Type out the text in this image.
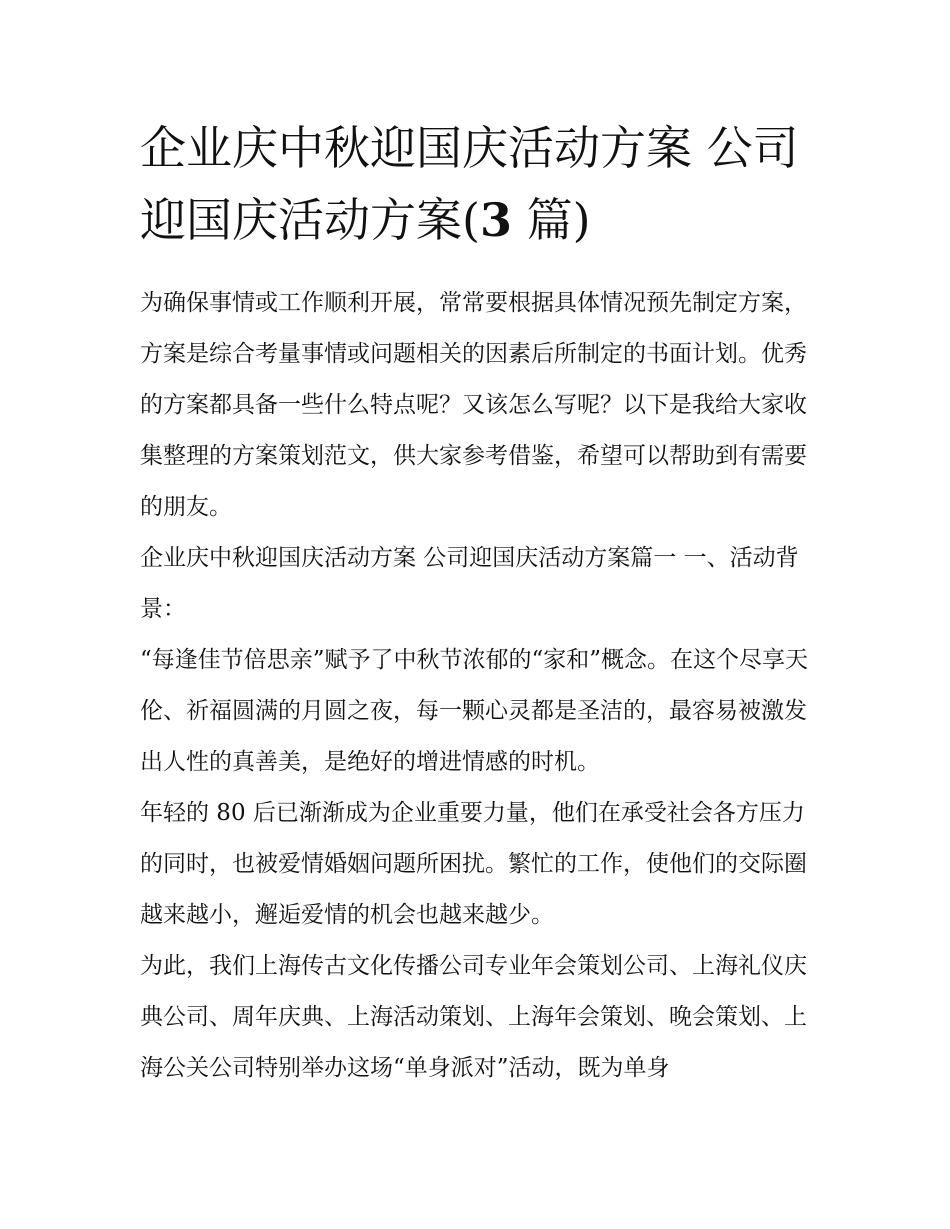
企业庆中秋迎国庆活动方案 公司迎国庆活动方案(3 篇)

为确保事情或工作顺利开展，常常要根据具体情况预先制定方案，方案是综合考量事情或问题相关的因素后所制定的书面计划。优秀的方案都具备一些什么特点呢？又该怎么写呢？以下是我给大家收集整理的方案策划范文，供大家参考借鉴，希望可以帮助到有需要的朋友。

企业庆中秋迎国庆活动方案 公司迎国庆活动方案篇一 一、活动背景：

“每逢佳节倍思亲”赋予了中秋节浓郁的“家和”概念。在这个尽享天伦、祈福圆满的月圆之夜，每一颗心灵都是圣洁的，最容易被激发出人性的真善美，是绝好的增进情感的时机。

年轻的 80 后已渐渐成为企业重要力量，他们在承受社会各方压力的同时，也被爱情婚姻问题所困扰。繁忙的工作，使他们的交际圈越来越小，邂逅爱情的机会也越来越少。

为此，我们上海传古文化传播公司专业年会策划公司、上海礼仪庆典公司、周年庆典、上海活动策划、上海年会策划、晚会策划、上海公关公司特别举办这场“单身派对”活动，既为单身
